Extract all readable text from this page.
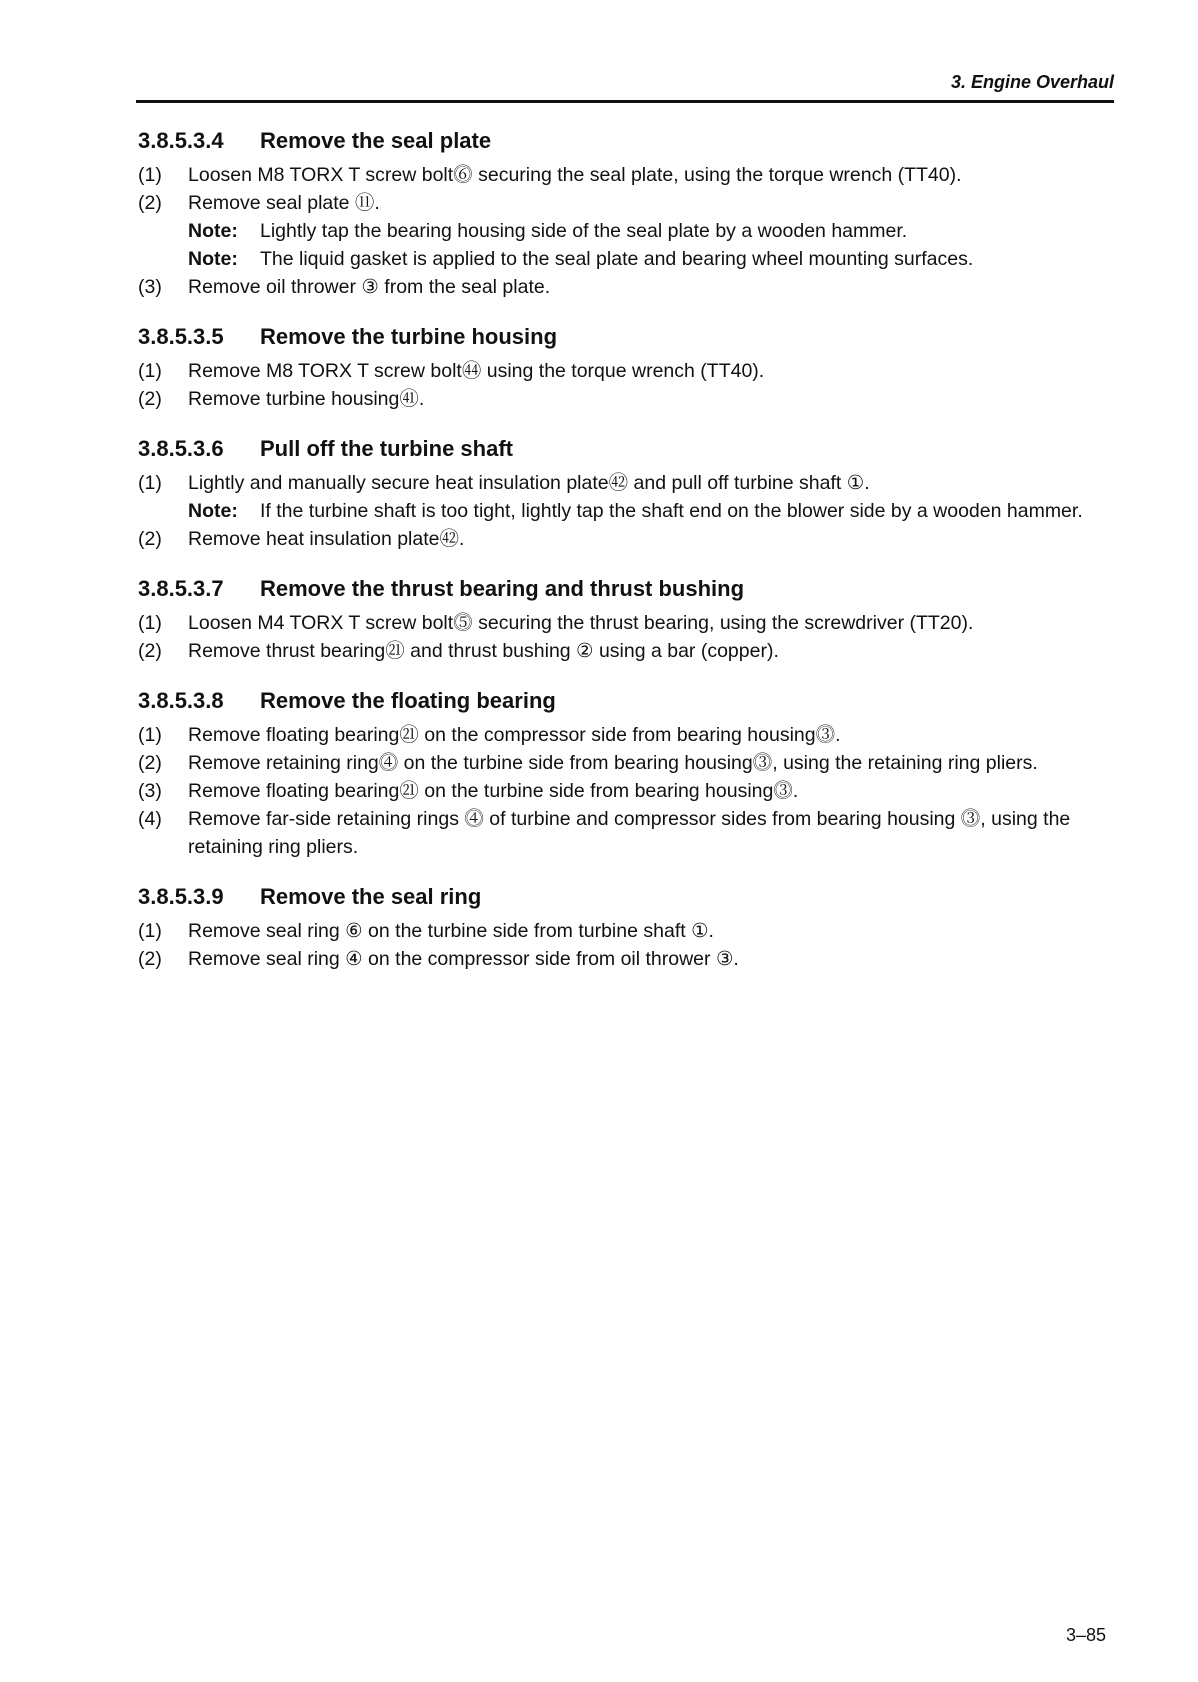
3. Engine Overhaul
3.8.5.3.4 Remove the seal plate
(1)	Loosen M8 TORX T screw bolt⓺ securing the seal plate, using the torque wrench (TT40).
(2)	Remove seal plate ⑪.
Note:	Lightly tap the bearing housing side of the seal plate by a wooden hammer.
Note:	The liquid gasket is applied to the seal plate and bearing wheel mounting surfaces.
(3)	Remove oil thrower ③ from the seal plate.
3.8.5.3.5 Remove the turbine housing
(1)	Remove M8 TORX T screw bolt㊹ using the torque wrench (TT40).
(2)	Remove turbine housing㊶.
3.8.5.3.6 Pull off the turbine shaft
(1)	Lightly and manually secure heat insulation plate㊷ and pull off turbine shaft ①.
Note:	If the turbine shaft is too tight, lightly tap the shaft end on the blower side by a wooden hammer.
(2)	Remove heat insulation plate㊷.
3.8.5.3.7 Remove the thrust bearing and thrust bushing
(1)	Loosen M4 TORX T screw bolt⓹ securing the thrust bearing, using the screwdriver (TT20).
(2)	Remove thrust bearing㉑ and thrust bushing ② using a bar (copper).
3.8.5.3.8 Remove the floating bearing
(1)	Remove floating bearing㉑ on the compressor side from bearing housing⓷.
(2)	Remove retaining ring⓸ on the turbine side from bearing housing⓷, using the retaining ring pliers.
(3)	Remove floating bearing㉑ on the turbine side from bearing housing⓷.
(4)	Remove far-side retaining rings ⓸ of turbine and compressor sides from bearing housing ⓷, using the retaining ring pliers.
3.8.5.3.9 Remove the seal ring
(1)	Remove seal ring ⑥ on the turbine side from turbine shaft ①.
(2)	Remove seal ring ④ on the compressor side from oil thrower ③.
3–85
